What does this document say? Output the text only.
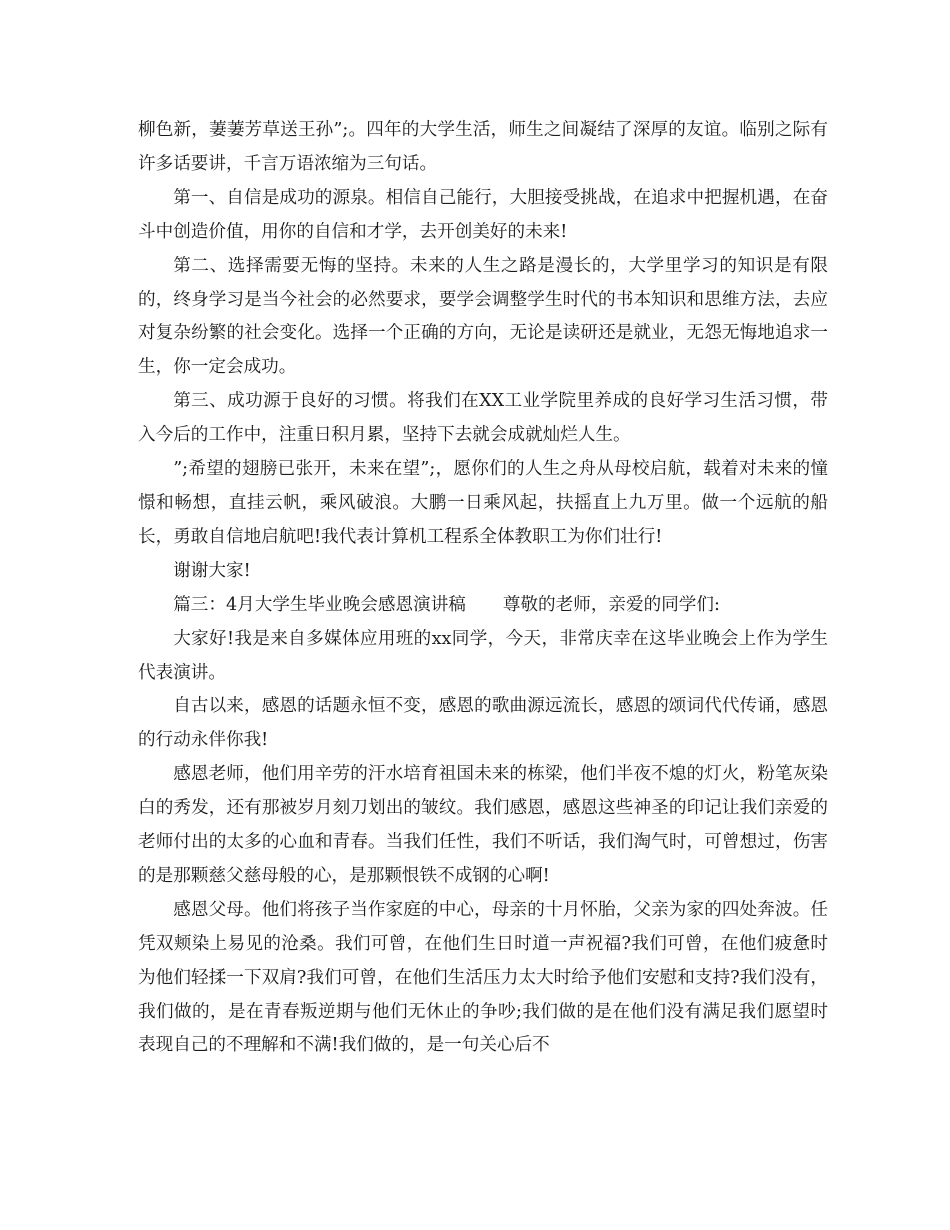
柳色新，萋萋芳草送王孙”;。四年的大学生活，师生之间凝结了深厚的友谊。临别之际有许多话要讲，千言万语浓缩为三句话。

第一、自信是成功的源泉。相信自己能行，大胆接受挑战，在追求中把握机遇，在奋斗中创造价值，用你的自信和才学，去开创美好的未来!

第二、选择需要无悔的坚持。未来的人生之路是漫长的，大学里学习的知识是有限的，终身学习是当今社会的必然要求，要学会调整学生时代的书本知识和思维方法，去应对复杂纷繁的社会变化。选择一个正确的方向，无论是读研还是就业，无怨无悔地追求一生，你一定会成功。

第三、成功源于良好的习惯。将我们在XX工业学院里养成的良好学习生活习惯，带入今后的工作中，注重日积月累，坚持下去就会成就灿烂人生。

”;希望的翅膀已张开，未来在望”;，愿你们的人生之舟从母校启航，载着对未来的憧憬和畅想，直挂云帆，乘风破浪。大鹏一日乘风起，扶摇直上九万里。做一个远航的船长，勇敢自信地启航吧!我代表计算机工程系全体教职工为你们壮行!

谢谢大家!

篇三：4月大学生毕业晚会感恩演讲稿 尊敬的老师，亲爱的同学们:

大家好!我是来自多媒体应用班的xx同学，今天，非常庆幸在这毕业晚会上作为学生代表演讲。

自古以来，感恩的话题永恒不变，感恩的歌曲源远流长，感恩的颂词代代传诵，感恩的行动永伴你我!

感恩老师，他们用辛劳的汗水培育祖国未来的栋梁，他们半夜不熄的灯火，粉笔灰染白的秀发，还有那被岁月刻刀划出的皱纹。我们感恩，感恩这些神圣的印记让我们亲爱的老师付出的太多的心血和青春。当我们任性，我们不听话，我们淘气时，可曾想过，伤害的是那颗慈父慈母般的心，是那颗恨铁不成钢的心啊!

感恩父母。他们将孩子当作家庭的中心，母亲的十月怀胎，父亲为家的四处奔波。任凭双颊染上易见的沧桑。我们可曾，在他们生日时道一声祝福?我们可曾，在他们疲惫时为他们轻揉一下双肩?我们可曾，在他们生活压力太大时给予他们安慰和支持?我们没有，我们做的，是在青春叛逆期与他们无休止的争吵;我们做的是在他们没有满足我们愿望时表现自己的不理解和不满!我们做的，是一句关心后不
